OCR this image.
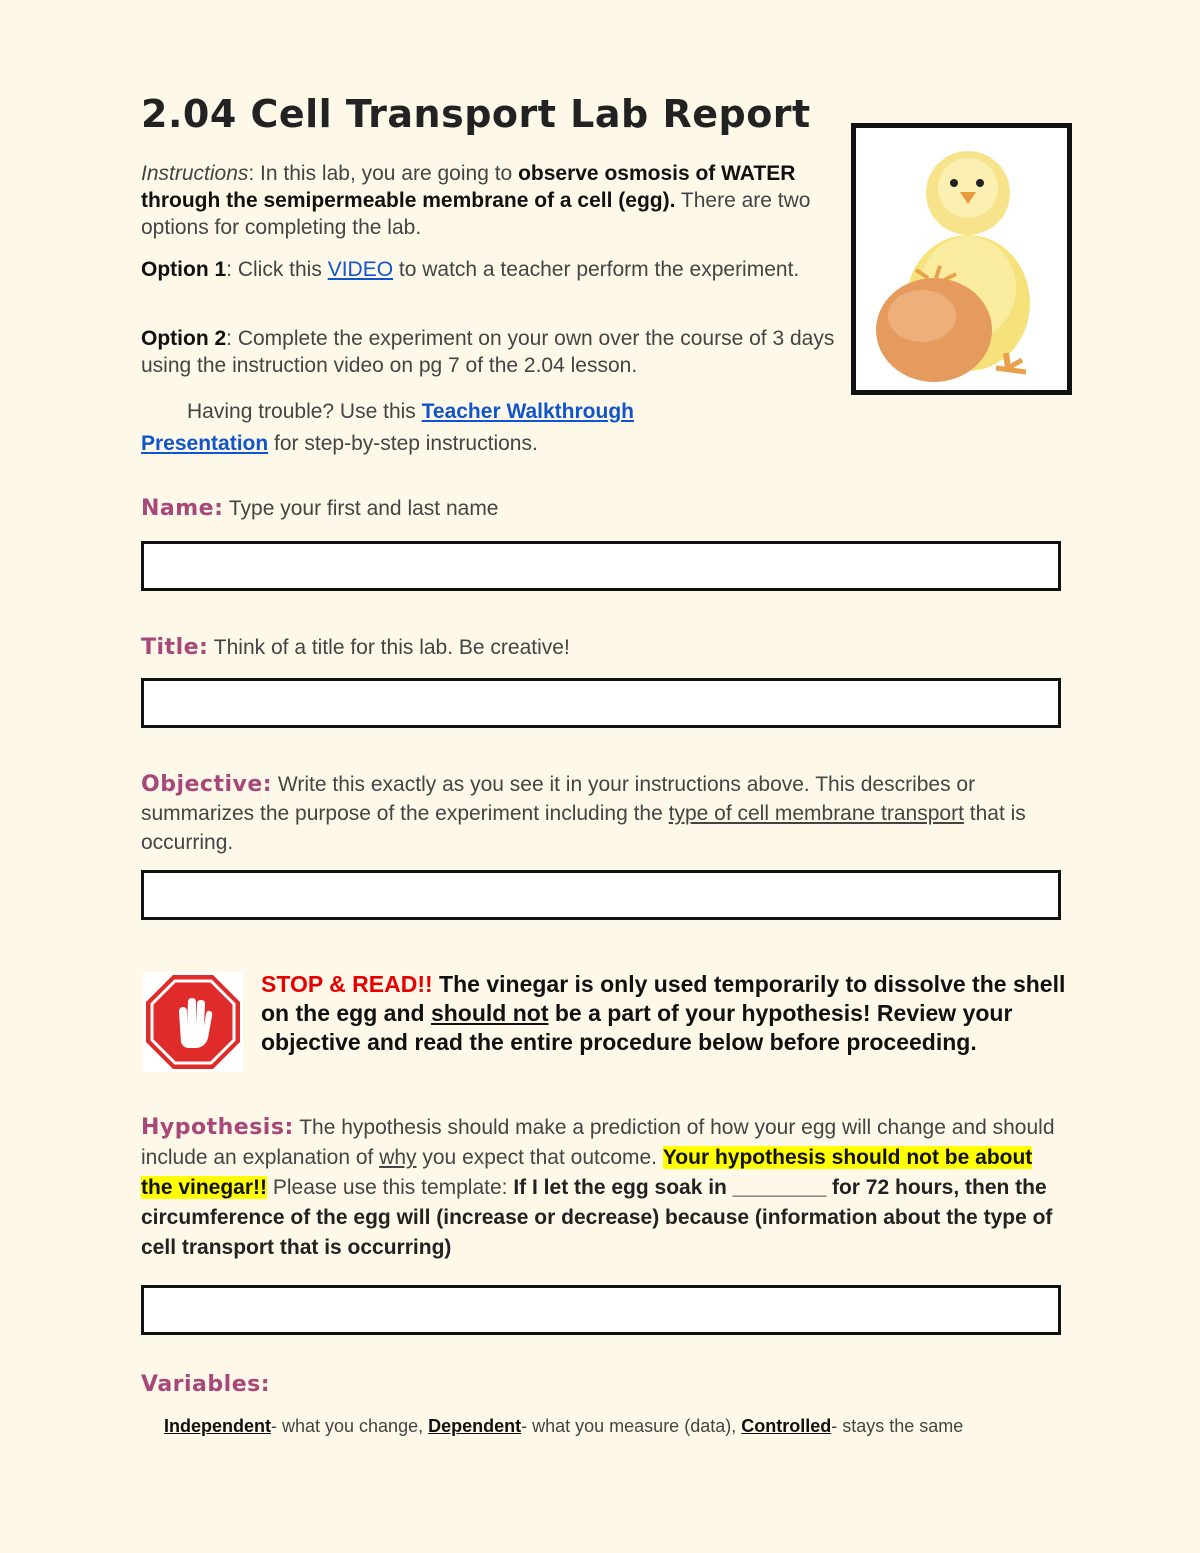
2.04 Cell Transport Lab Report

Instructions: In this lab, you are going to observe osmosis of WATER through the semipermeable membrane of a cell (egg). There are two options for completing the lab.

Option 1: Click this VIDEO to watch a teacher perform the experiment.

Option 2: Complete the experiment on your own over the course of 3 days using the instruction video on pg 7 of the 2.04 lesson.

Having trouble? Use this Teacher Walkthrough Presentation for step-by-step instructions.

Name: Type your first and last name
Title: Think of a title for this lab. Be creative!
Objective: Write this exactly as you see it in your instructions above. This describes or summarizes the purpose of the experiment including the type of cell membrane transport that is occurring.
STOP & READ!! The vinegar is only used temporarily to dissolve the shell on the egg and should not be a part of your hypothesis! Review your objective and read the entire procedure below before proceeding.
Hypothesis: The hypothesis should make a prediction of how your egg will change and should include an explanation of why you expect that outcome. Your hypothesis should not be about the vinegar!! Please use this template: If I let the egg soak in ________ for 72 hours, then the circumference of the egg will (increase or decrease) because (information about the type of cell transport that is occurring)
Variables:
Independent- what you change, Dependent- what you measure (data), Controlled- stays the same
